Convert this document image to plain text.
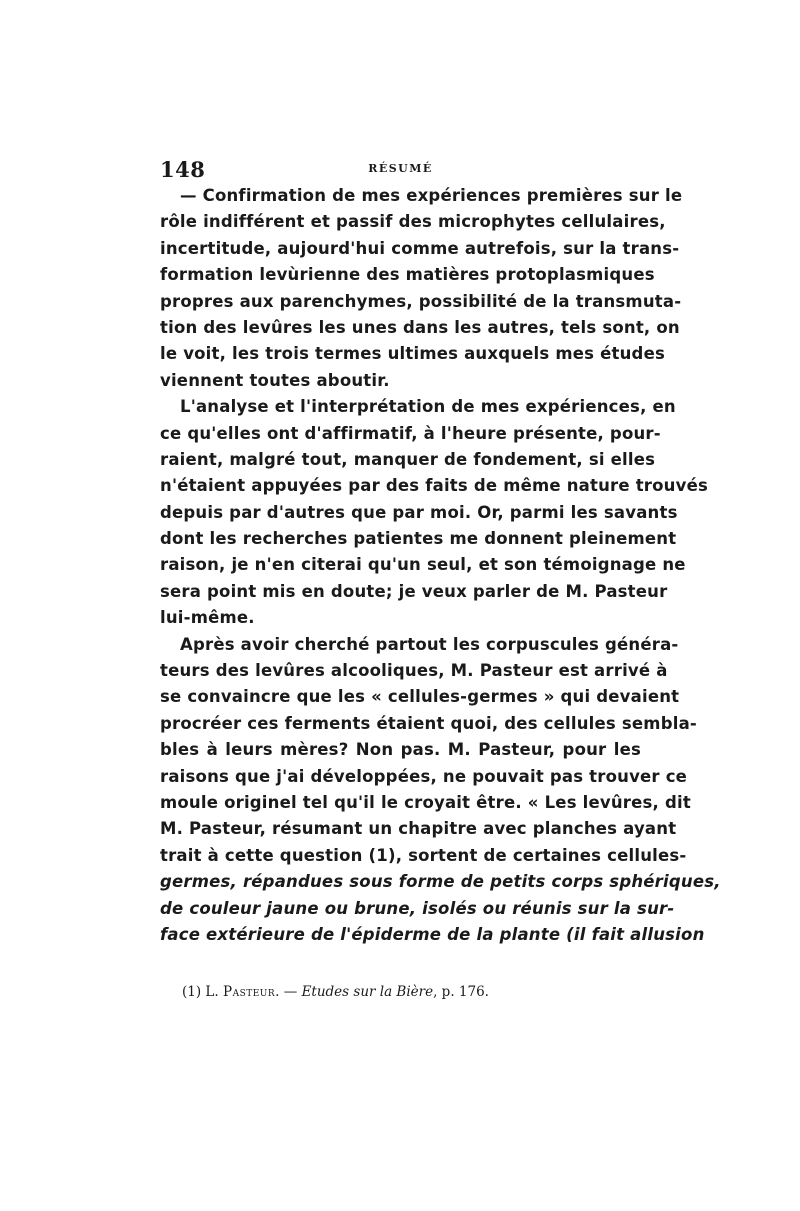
148	RÉSUMÉ
— Confirmation de mes expériences premières sur le
rôle indifférent et passif des microphytes cellulaires,
incertitude, aujourd'hui comme autrefois, sur la trans-
formation levùrienne des matières protoplasmiques
propres aux parenchymes, possibilité de la transmuta-
tion des levûres les unes dans les autres, tels sont, on
le voit, les trois termes ultimes auxquels mes études
viennent toutes aboutir.
L'analyse et l'interprétation de mes expériences, en
ce qu'elles ont d'affirmatif, à l'heure présente, pour-
raient, malgré tout, manquer de fondement, si elles
n'étaient appuyées par des faits de même nature trouvés
depuis par d'autres que par moi. Or, parmi les savants
dont les recherches patientes me donnent pleinement
raison, je n'en citerai qu'un seul, et son témoignage ne
sera point mis en doute; je veux parler de M. Pasteur
lui-même.
Après avoir cherché partout les corpuscules généra-
teurs des levûres alcooliques, M. Pasteur est arrivé à
se convaincre que les « cellules-germes » qui devaient
procréer ces ferments étaient quoi, des cellules sembla-
bles à leurs mères? Non pas. M. Pasteur, pour les
raisons que j'ai développées, ne pouvait pas trouver ce
moule originel tel qu'il le croyait être. « Les levûres, dit
M. Pasteur, résumant un chapitre avec planches ayant
trait à cette question (1), sortent de certaines cellules-
germes, répandues sous forme de petits corps sphériques,
de couleur jaune ou brune, isolés ou réunis sur la sur-
face extérieure de l'épiderme de la plante (il fait allusion
(1) L. Pasteur. — Etudes sur la Bière, p. 176.
